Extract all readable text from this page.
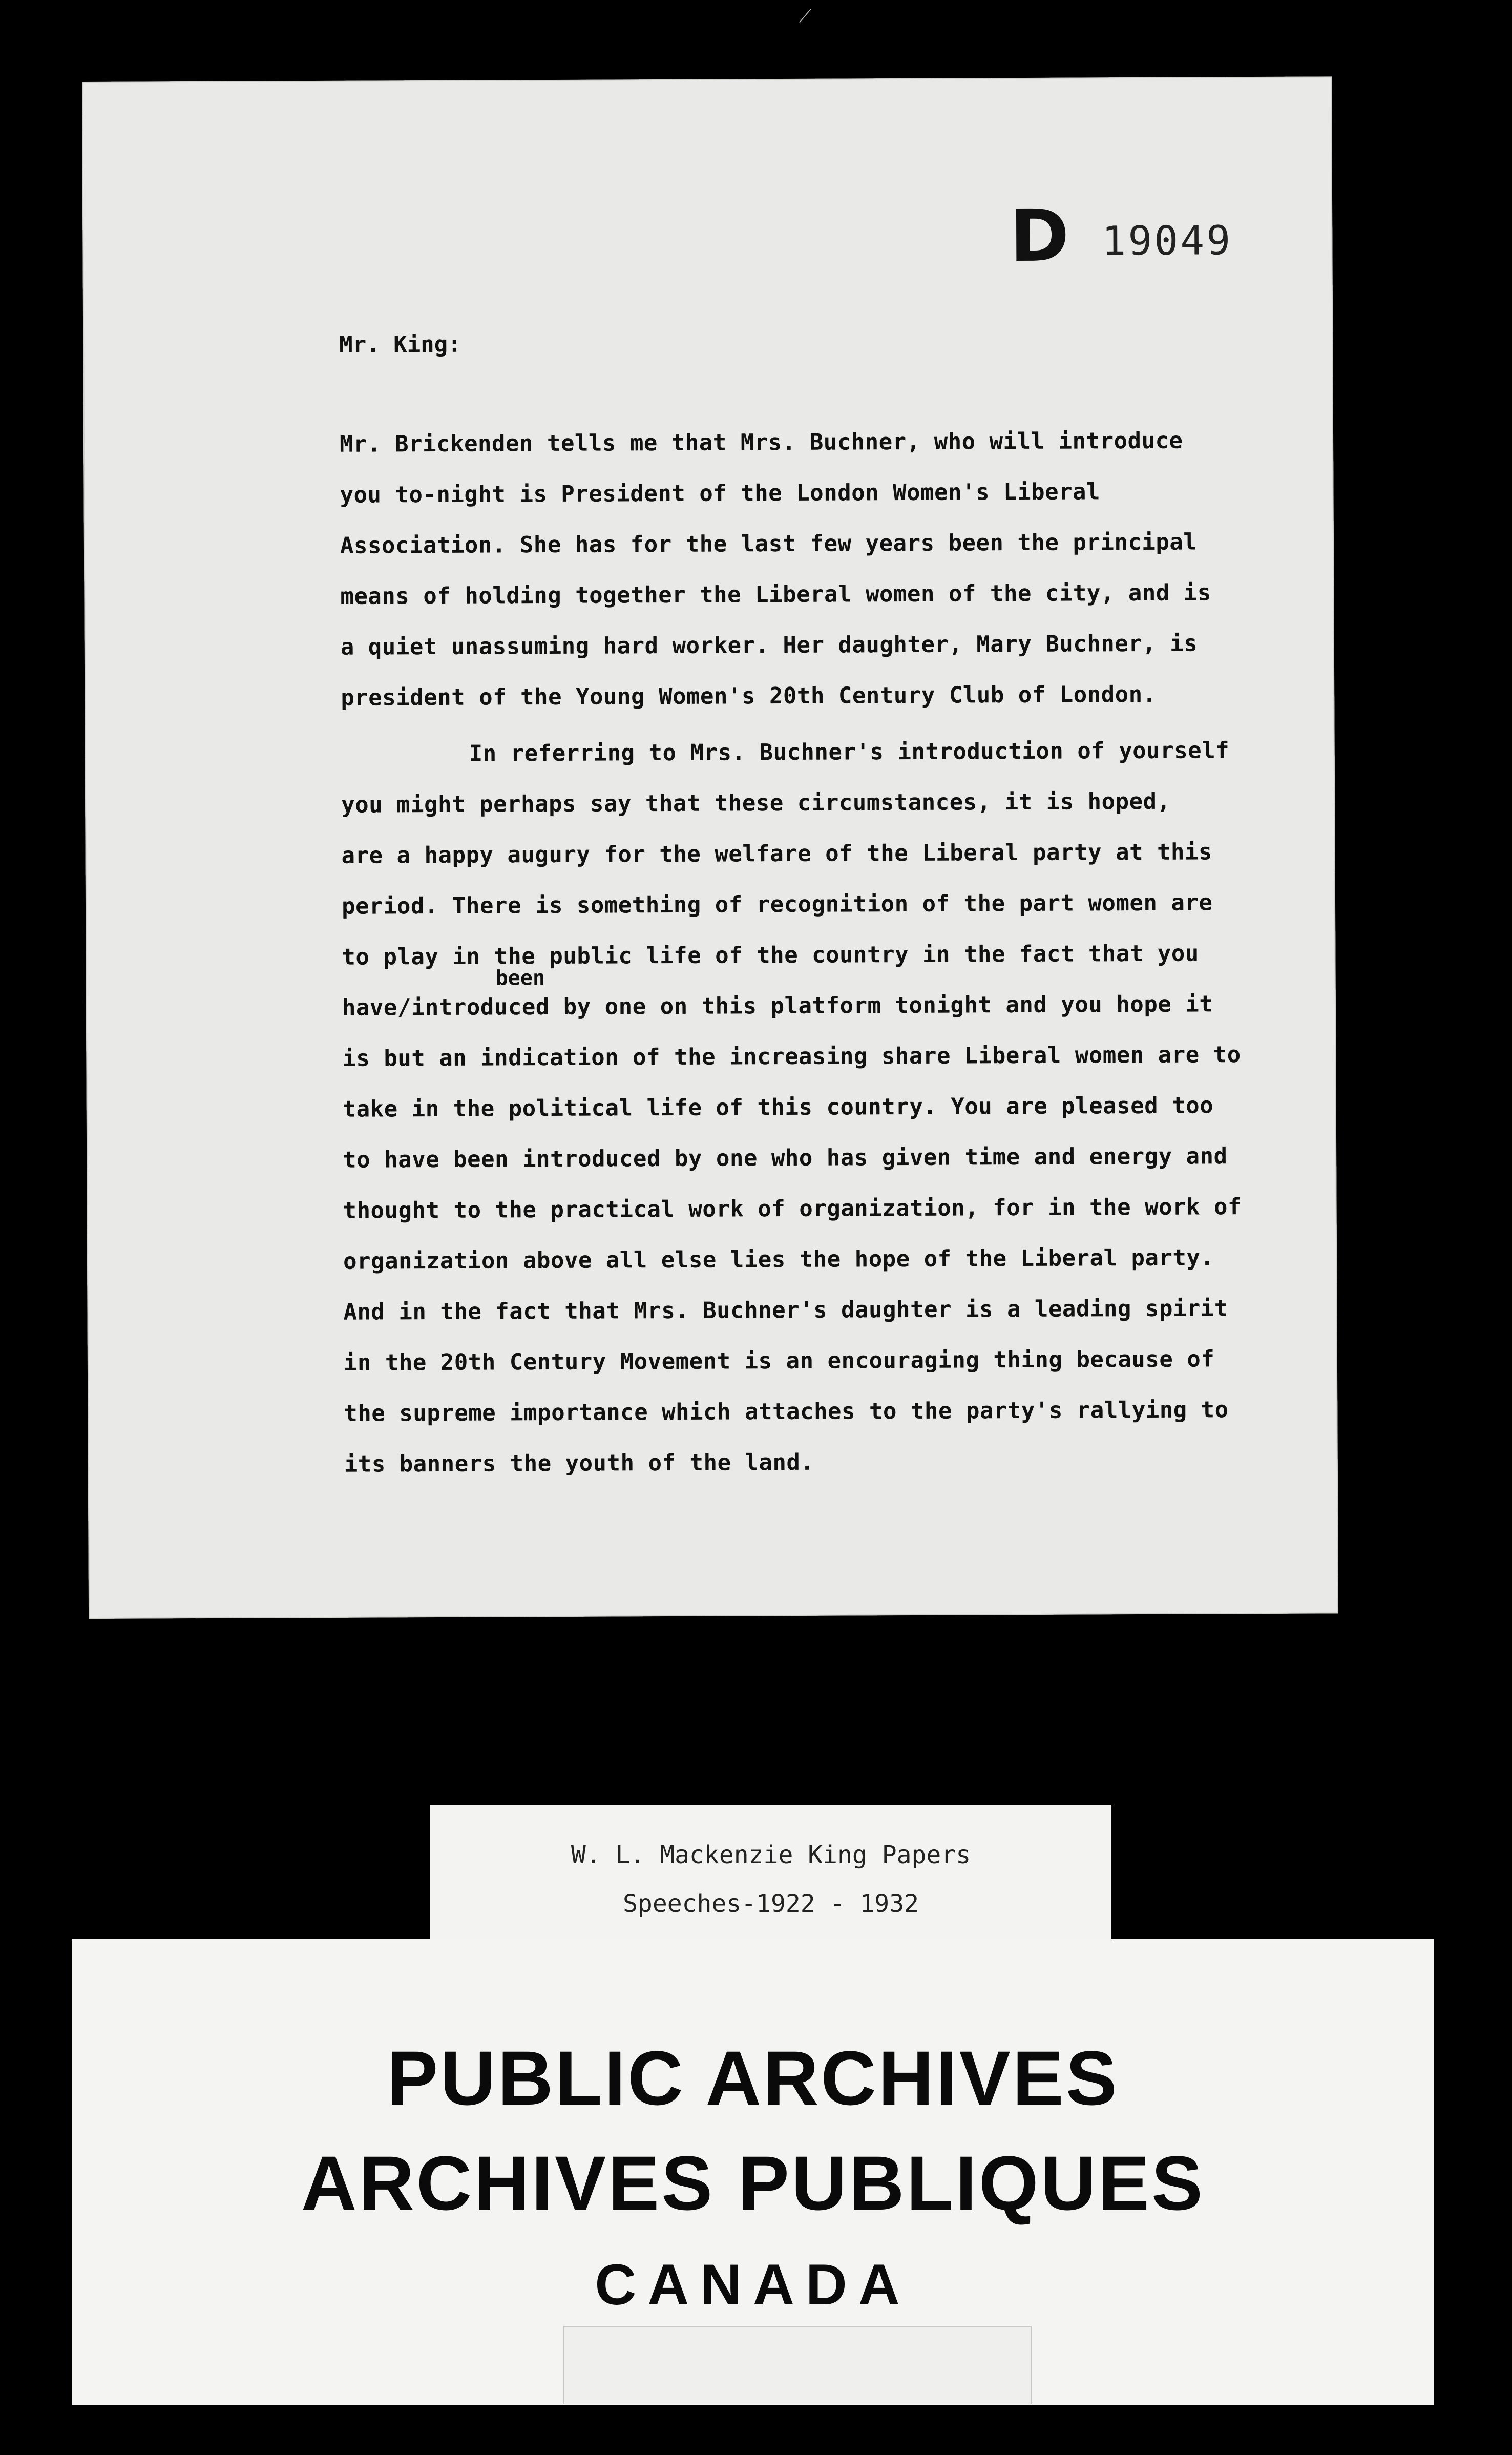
⟋
D 19049
Mr. King:
Mr. Brickenden tells me that Mrs. Buchner, who will introduce
you to-night is President of the London Women's Liberal
Association. She has for the last few years been the principal
means of holding together the Liberal women of the city, and is
a quiet unassuming hard worker. Her daughter, Mary Buchner, is
president of the Young Women's 20th Century Club of London.
been
In referring to Mrs. Buchner's introduction of yourself
you might perhaps say that these circumstances, it is hoped,
are a happy augury for the welfare of the Liberal party at this
period. There is something of recognition of the part women are
to play in the public life of the country in the fact that you
have/introduced by one on this platform tonight and you hope it
is but an indication of the increasing share Liberal women are to
take in the political life of this country. You are pleased too
to have been introduced by one who has given time and energy and
thought to the practical work of organization, for in the work of
organization above all else lies the hope of the Liberal party.
And in the fact that Mrs. Buchner's daughter is a leading spirit
in the 20th Century Movement is an encouraging thing because of
the supreme importance which attaches to the party's rallying to
its banners the youth of the land.
W. L. Mackenzie King Papers
Speeches-1922 - 1932
PUBLIC ARCHIVES
ARCHIVES PUBLIQUES
CANADA
